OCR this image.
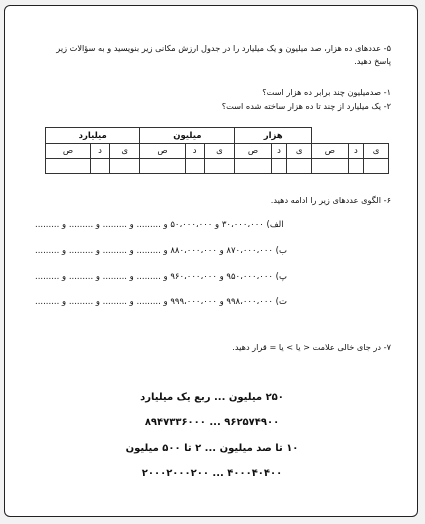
۵- عددهای ده هزار، صد میلیون و یک میلیارد را در جدول ارزش مکانی زیر بنویسید و به سؤالات زیر
پاسخ دهید.
۱- صدمیلیون چند برابر ده هزار است؟
۲- یک میلیارد از چند تا ده هزار ساخته شده است؟
			هزار			میلیون			میلیارد		
ی	د	ص	ی	د	ص	ی	د	ص	ی	د	ص

۶- الگوی عددهای زیر را ادامه دهید.
الف) ۳۰،۰۰۰،۰۰۰ و ۵۰،۰۰۰،۰۰۰ و ......... و ......... و ......... و .........
ب) ۸۷۰،۰۰۰،۰۰۰ و ۸۸۰،۰۰۰،۰۰۰ و ......... و ......... و ......... و .........
پ) ۹۵۰،۰۰۰،۰۰۰ و ۹۶۰،۰۰۰،۰۰۰ و ......... و ......... و ......... و .........
ت) ۹۹۸،۰۰۰،۰۰۰ و ۹۹۹،۰۰۰،۰۰۰ و ......... و ......... و ......... و .........
۷- در جای خالی علامت < یا > یا = قرار دهید.
۲۵۰ میلیون ... ربع یک میلیارد
۹۶۲۵۷۴۹۰۰ ... ۸۹۴۷۳۳۶۰۰۰
۱۰ تا صد میلیون ... ۲ تا ۵۰۰ میلیون
۴۰۰۰۴۰۴۰۰ ... ۲۰۰۰۲۰۰۰۲۰۰
